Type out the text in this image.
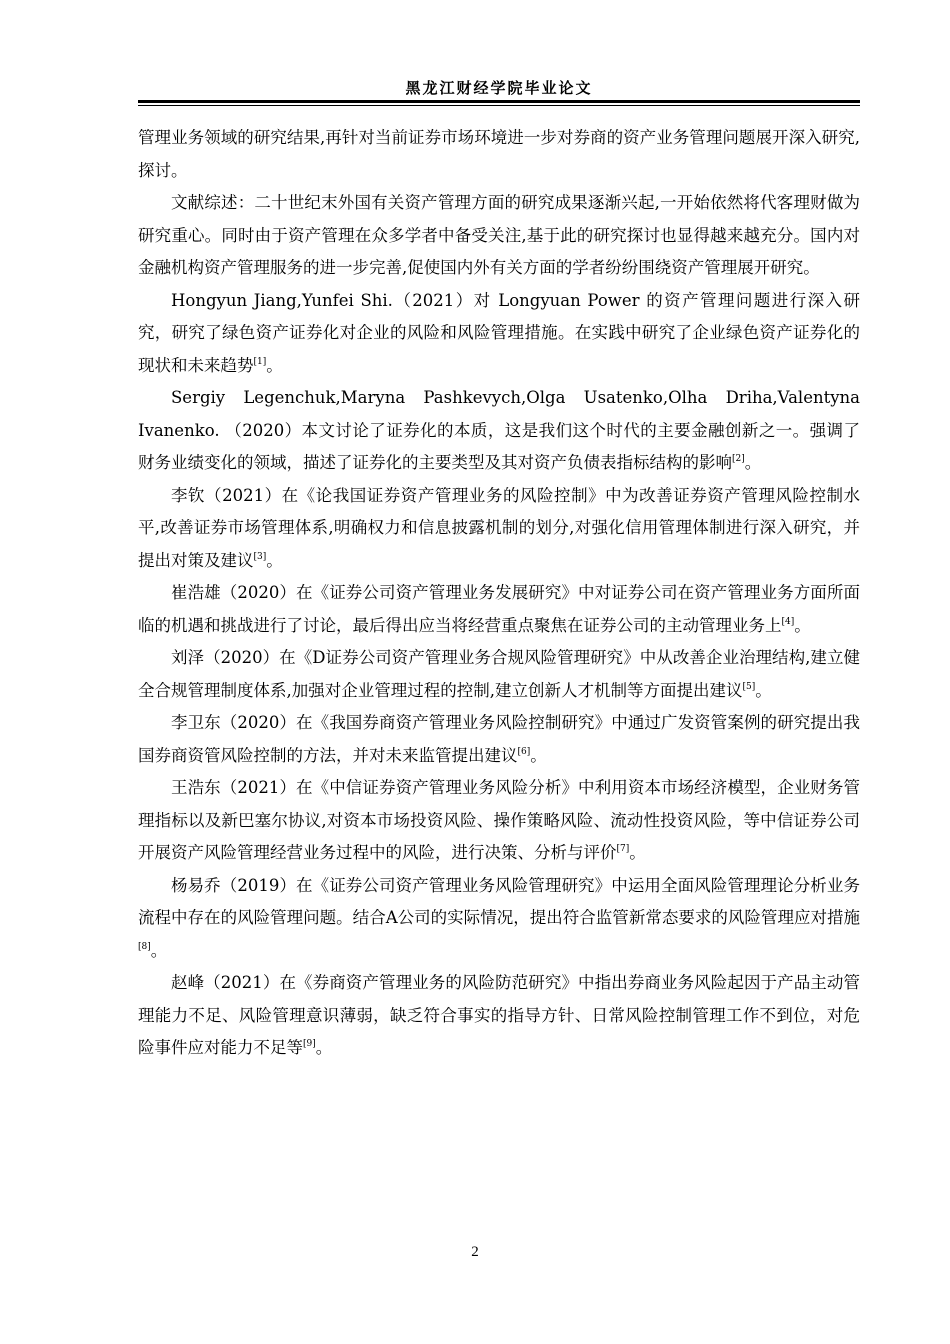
黑龙江财经学院毕业论文

管理业务领域的研究结果,再针对当前证券市场环境进一步对券商的资产业务管理问题展开深入研究,探讨。

文献综述：二十世纪末外国有关资产管理方面的研究成果逐渐兴起,一开始依然将代客理财做为研究重心。同时由于资产管理在众多学者中备受关注,基于此的研究探讨也显得越来越充分。国内对金融机构资产管理服务的进一步完善,促使国内外有关方面的学者纷纷围绕资产管理展开研究。

Hongyun Jiang,Yunfei Shi.（2021）对 Longyuan Power 的资产管理问题进行深入研究，研究了绿色资产证券化对企业的风险和风险管理措施。在实践中研究了企业绿色资产证券化的现状和未来趋势[1]。

Sergiy Legenchuk,Maryna Pashkevych,Olga Usatenko,Olha Driha,Valentyna Ivanenko. （2020）本文讨论了证券化的本质，这是我们这个时代的主要金融创新之一。强调了财务业绩变化的领域，描述了证券化的主要类型及其对资产负债表指标结构的影响[2]。

李钦（2021）在《论我国证券资产管理业务的风险控制》中为改善证券资产管理风险控制水平,改善证券市场管理体系,明确权力和信息披露机制的划分,对强化信用管理体制进行深入研究，并提出对策及建议[3]。

崔浩雄（2020）在《证券公司资产管理业务发展研究》中对证券公司在资产管理业务方面所面临的机遇和挑战进行了讨论，最后得出应当将经营重点聚焦在证券公司的主动管理业务上[4]。

刘泽（2020）在《D证券公司资产管理业务合规风险管理研究》中从改善企业治理结构,建立健全合规管理制度体系,加强对企业管理过程的控制,建立创新人才机制等方面提出建议[5]。

李卫东（2020）在《我国券商资产管理业务风险控制研究》中通过广发资管案例的研究提出我国券商资管风险控制的方法，并对未来监管提出建议[6]。

王浩东（2021）在《中信证券资产管理业务风险分析》中利用资本市场经济模型，企业财务管理指标以及新巴塞尔协议,对资本市场投资风险、操作策略风险、流动性投资风险，等中信证券公司开展资产风险管理经营业务过程中的风险，进行决策、分析与评价[7]。

杨易乔（2019）在《证券公司资产管理业务风险管理研究》中运用全面风险管理理论分析业务流程中存在的风险管理问题。结合A公司的实际情况，提出符合监管新常态要求的风险管理应对措施[8]。

赵峰（2021）在《券商资产管理业务的风险防范研究》中指出券商业务风险起因于产品主动管理能力不足、风险管理意识薄弱，缺乏符合事实的指导方针、日常风险控制管理工作不到位，对危险事件应对能力不足等[9]。

2
